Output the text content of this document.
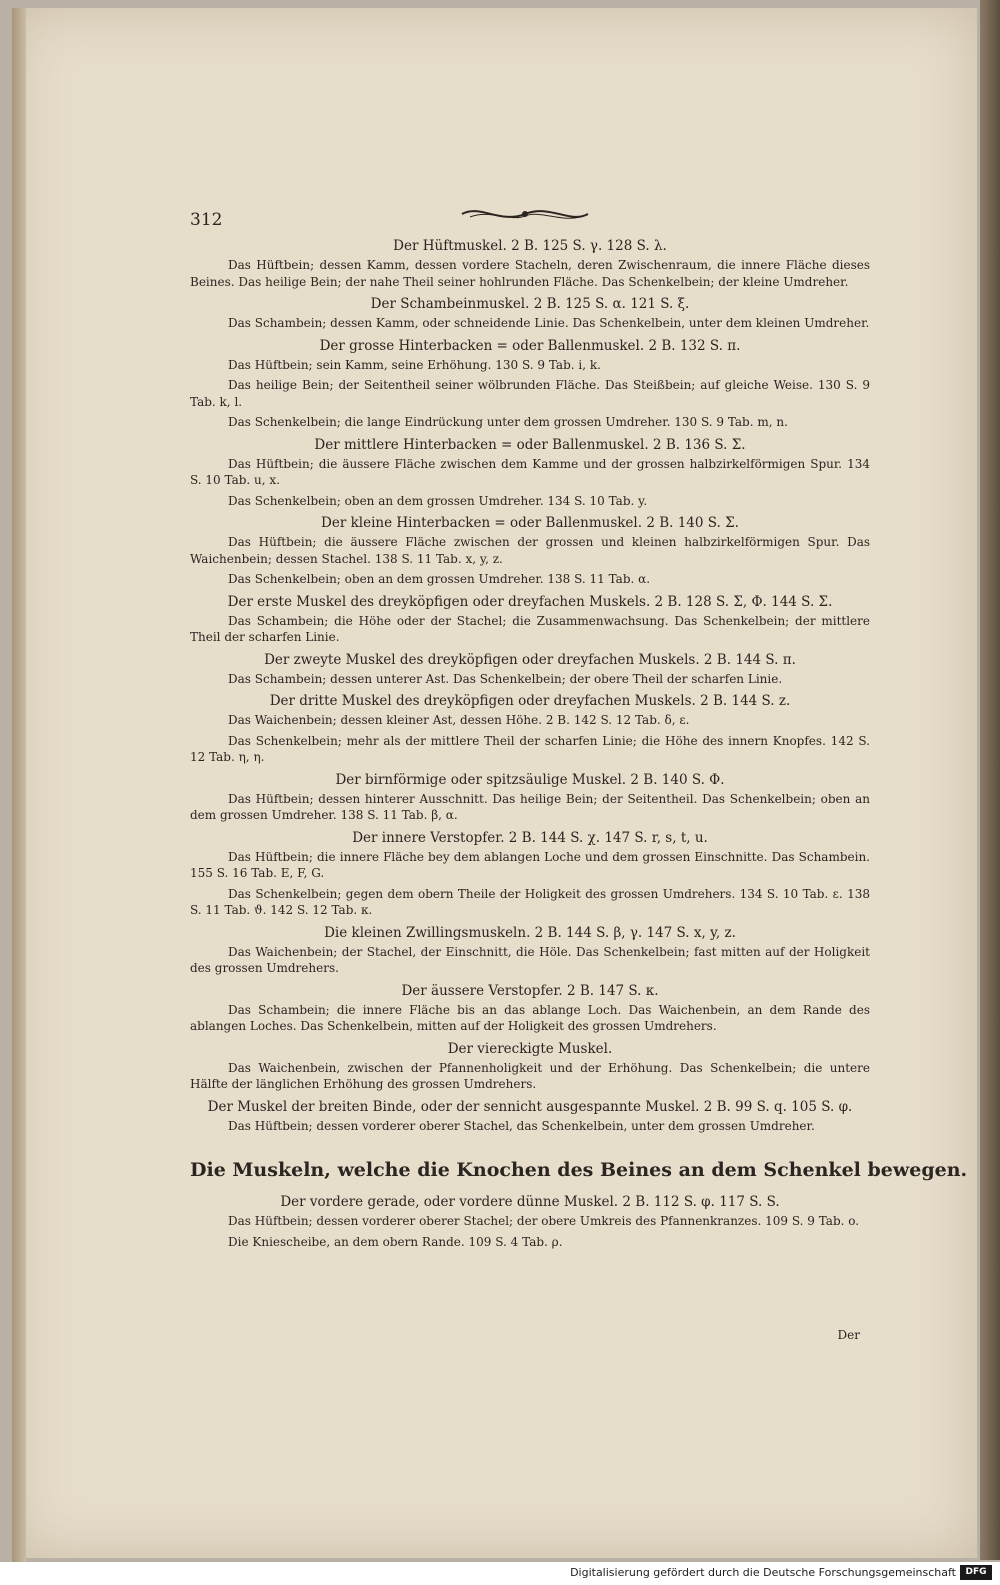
312
Der Hüftmuskel. 2 B. 125 S. γ. 128 S. λ.
Das Hüftbein; dessen Kamm, dessen vordere Stacheln, deren Zwischenraum, die innere Fläche dieses Beines. Das heilige Bein; der nahe Theil seiner hohlrunden Fläche. Das Schenkelbein; der kleine Umdreher.
Der Schambeinmuskel. 2 B. 125 S. α. 121 S. ξ.
Das Schambein; dessen Kamm, oder schneidende Linie. Das Schenkelbein, unter dem kleinen Umdreher.
Der grosse Hinterbacken = oder Ballenmuskel. 2 B. 132 S. π.
Das Hüftbein; sein Kamm, seine Erhöhung. 130 S. 9 Tab. i, k.
Das heilige Bein; der Seitentheil seiner wölbrunden Fläche. Das Steißbein; auf gleiche Weise. 130 S. 9 Tab. k, l.
Das Schenkelbein; die lange Eindrückung unter dem grossen Umdreher. 130 S. 9 Tab. m, n.
Der mittlere Hinterbacken = oder Ballenmuskel. 2 B. 136 S. Σ.
Das Hüftbein; die äussere Fläche zwischen dem Kamme und der grossen halbzirkelförmigen Spur. 134 S. 10 Tab. u, x.
Das Schenkelbein; oben an dem grossen Umdreher. 134 S. 10 Tab. y.
Der kleine Hinterbacken = oder Ballenmuskel. 2 B. 140 S. Σ.
Das Hüftbein; die äussere Fläche zwischen der grossen und kleinen halbzirkelförmigen Spur. Das Waichenbein; dessen Stachel. 138 S. 11 Tab. x, y, z.
Das Schenkelbein; oben an dem grossen Umdreher. 138 S. 11 Tab. α.
Der erste Muskel des dreyköpfigen oder dreyfachen Muskels. 2 B. 128 S. Σ, Φ. 144 S. Σ.
Das Schambein; die Höhe oder der Stachel; die Zusammenwachsung. Das Schenkelbein; der mittlere Theil der scharfen Linie.
Der zweyte Muskel des dreyköpfigen oder dreyfachen Muskels. 2 B. 144 S. π.
Das Schambein; dessen unterer Ast. Das Schenkelbein; der obere Theil der scharfen Linie.
Der dritte Muskel des dreyköpfigen oder dreyfachen Muskels. 2 B. 144 S. z.
Das Waichenbein; dessen kleiner Ast, dessen Höhe. 2 B. 142 S. 12 Tab. δ, ε.
Das Schenkelbein; mehr als der mittlere Theil der scharfen Linie; die Höhe des innern Knopfes. 142 S. 12 Tab. η, η.
Der birnförmige oder spitzsäulige Muskel. 2 B. 140 S. Φ.
Das Hüftbein; dessen hinterer Ausschnitt. Das heilige Bein; der Seitentheil. Das Schenkelbein; oben an dem grossen Umdreher. 138 S. 11 Tab. β, α.
Der innere Verstopfer. 2 B. 144 S. χ. 147 S. r, s, t, u.
Das Hüftbein; die innere Fläche bey dem ablangen Loche und dem grossen Einschnitte. Das Schambein. 155 S. 16 Tab. E, F, G.
Das Schenkelbein; gegen dem obern Theile der Holigkeit des grossen Umdrehers. 134 S. 10 Tab. ε. 138 S. 11 Tab. ϑ. 142 S. 12 Tab. κ.
Die kleinen Zwillingsmuskeln. 2 B. 144 S. β, γ. 147 S. x, y, z.
Das Waichenbein; der Stachel, der Einschnitt, die Höle. Das Schenkelbein; fast mitten auf der Holigkeit des grossen Umdrehers.
Der äussere Verstopfer. 2 B. 147 S. κ.
Das Schambein; die innere Fläche bis an das ablange Loch. Das Waichenbein, an dem Rande des ablangen Loches. Das Schenkelbein, mitten auf der Holigkeit des grossen Umdrehers.
Der viereckigte Muskel.
Das Waichenbein, zwischen der Pfannenholigkeit und der Erhöhung. Das Schenkelbein; die untere Hälfte der länglichen Erhöhung des grossen Umdrehers.
Der Muskel der breiten Binde, oder der sennicht ausgespannte Muskel. 2 B. 99 S. q. 105 S. φ.
Das Hüftbein; dessen vorderer oberer Stachel, das Schenkelbein, unter dem grossen Umdreher.
Die Muskeln, welche die Knochen des Beines an dem Schenkel bewegen.
Der vordere gerade, oder vordere dünne Muskel. 2 B. 112 S. φ. 117 S. S.
Das Hüftbein; dessen vorderer oberer Stachel; der obere Umkreis des Pfannenkranzes. 109 S. 9 Tab. o.
Die Kniescheibe, an dem obern Rande. 109 S. 4 Tab. ρ.
Der
Digitalisierung gefördert durch die Deutsche Forschungsgemeinschaft	DFG
